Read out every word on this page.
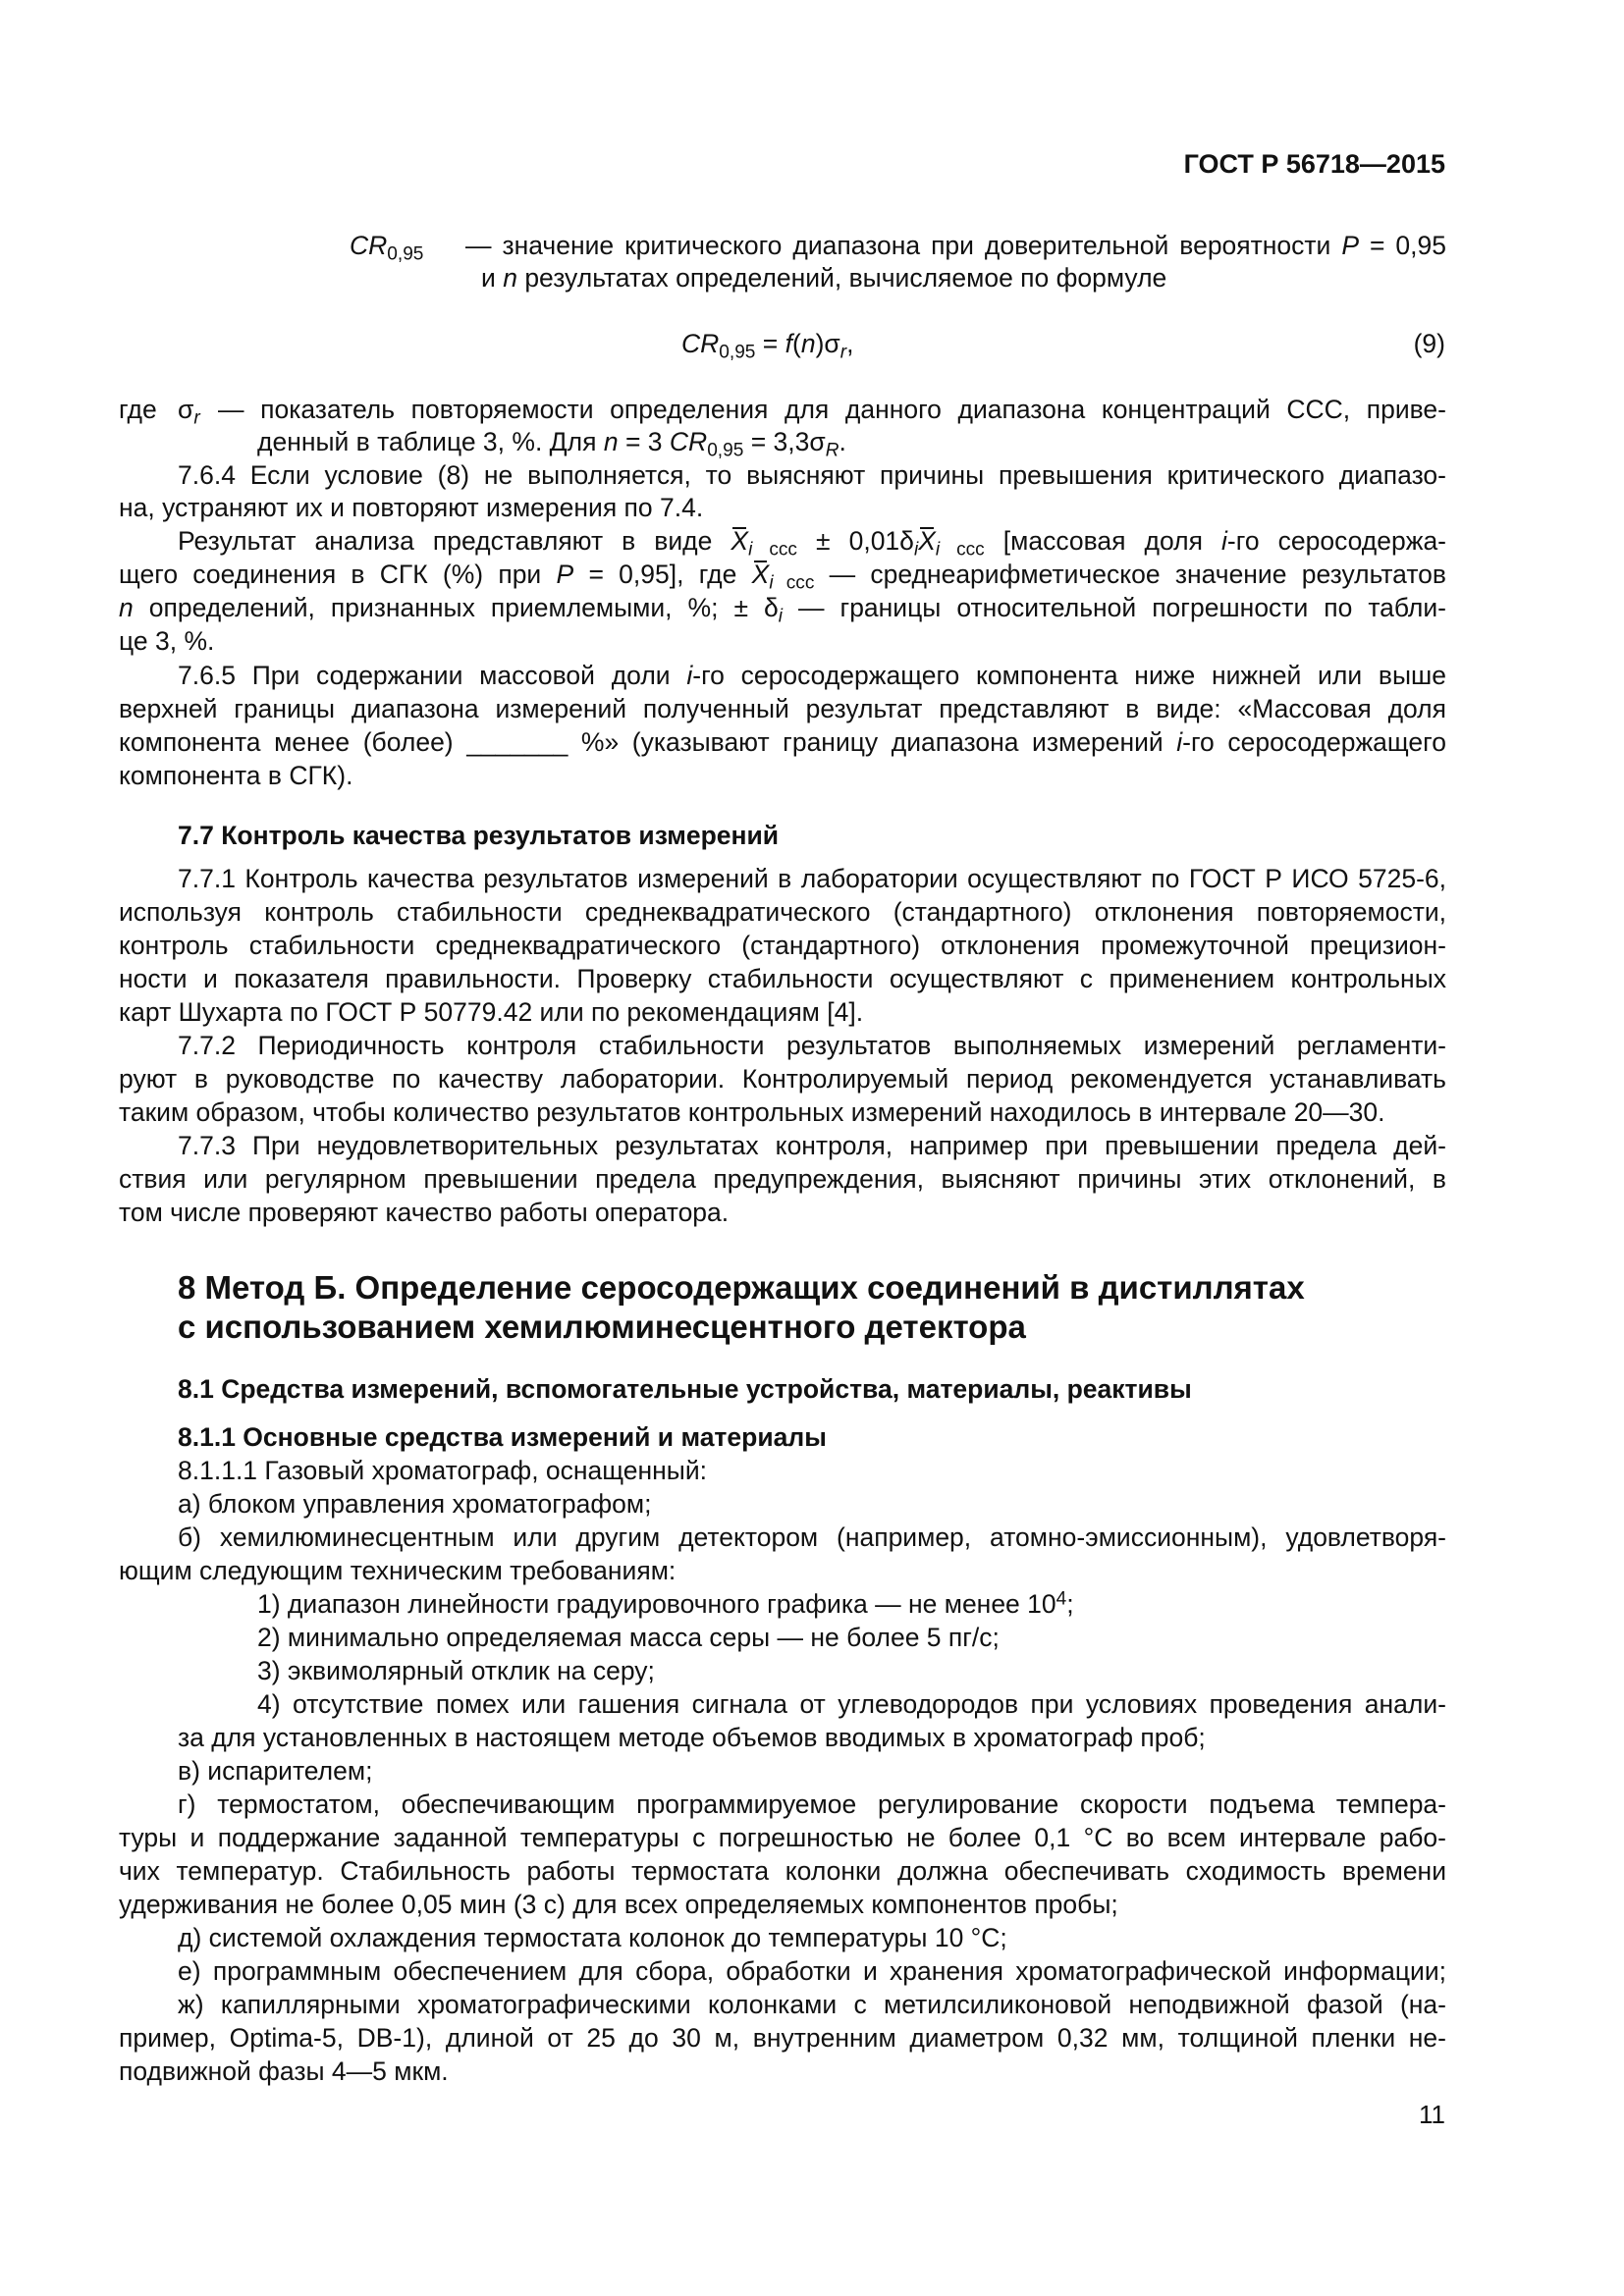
ГОСТ Р 56718—2015
$CR_{0,95}$ — значение критического диапазона при доверительной вероятности P = 0,95
и n результатах определений, вычисляемое по формуле
$CR_{0,95} = f(n)\sigma_r$,	(9)
где $\sigma_r$ — показатель повторяемости определения для данного диапазона концентраций ССС, приве-
денный в таблице 3, %. Для n = 3 $CR_{0,95} = 3,3\sigma_R$.
7.6.4 Если условие (8) не выполняется, то выясняют причины превышения критического диапазо-
на, устраняют их и повторяют измерения по 7.4.
Результат анализа представляют в виде $X_{i ссс} \pm 0,01\delta_iX_{i ссс}$ [массовая доля i-го серосодержа-
щего соединения в СГК (%) при P = 0,95], где $X_{i ссс}$ — среднеарифметическое значение результатов
n определений, признанных приемлемыми, %; ± $\delta_i$ — границы относительной погрешности по табли-
це 3, %.
7.6.5 При содержании массовой доли i-го серосодержащего компонента ниже нижней или выше
верхней границы диапазона измерений полученный результат представляют в виде: «Массовая доля
компонента менее (более) _______ %» (указывают границу диапазона измерений i-го серосодержащего
компонента в СГК).
7.7 Контроль качества результатов измерений
7.7.1 Контроль качества результатов измерений в лаборатории осуществляют по ГОСТ Р ИСО 5725-6,
используя контроль стабильности среднеквадратического (стандартного) отклонения повторяемости,
контроль стабильности среднеквадратического (стандартного) отклонения промежуточной прецизион-
ности и показателя правильности. Проверку стабильности осуществляют с применением контрольных
карт Шухарта по ГОСТ Р 50779.42 или по рекомендациям [4].
7.7.2 Периодичность контроля стабильности результатов выполняемых измерений регламенти-
руют в руководстве по качеству лаборатории. Контролируемый период рекомендуется устанавливать
таким образом, чтобы количество результатов контрольных измерений находилось в интервале 20—30.
7.7.3 При неудовлетворительных результатах контроля, например при превышении предела дей-
ствия или регулярном превышении предела предупреждения, выясняют причины этих отклонений, в
том числе проверяют качество работы оператора.
8 Метод Б. Определение серосодержащих соединений в дистиллятах
с использованием хемилюминесцентного детектора
8.1 Средства измерений, вспомогательные устройства, материалы, реактивы
8.1.1 Основные средства измерений и материалы
8.1.1.1 Газовый хроматограф, оснащенный:
а) блоком управления хроматографом;
б) хемилюминесцентным или другим детектором (например, атомно-эмиссионным), удовлетворя-
ющим следующим техническим требованиям:
1) диапазон линейности градуировочного графика — не менее $10^4$;
2) минимально определяемая масса серы — не более 5 пг/с;
3) эквимолярный отклик на серу;
4) отсутствие помех или гашения сигнала от углеводородов при условиях проведения анали-
за для установленных в настоящем методе объемов вводимых в хроматограф проб;
в) испарителем;
г) термостатом, обеспечивающим программируемое регулирование скорости подъема темпера-
туры и поддержание заданной температуры с погрешностью не более 0,1 °C во всем интервале рабо-
чих температур. Стабильность работы термостата колонки должна обеспечивать сходимость времени
удерживания не более 0,05 мин (3 с) для всех определяемых компонентов пробы;
д) системой охлаждения термостата колонок до температуры 10 °C;
е) программным обеспечением для сбора, обработки и хранения хроматографической информации;
ж) капиллярными хроматографическими колонками с метилсиликоновой неподвижной фазой (на-
пример, Optima-5, DB-1), длиной от 25 до 30 м, внутренним диаметром 0,32 мм, толщиной пленки не-
подвижной фазы 4—5 мкм.
11
